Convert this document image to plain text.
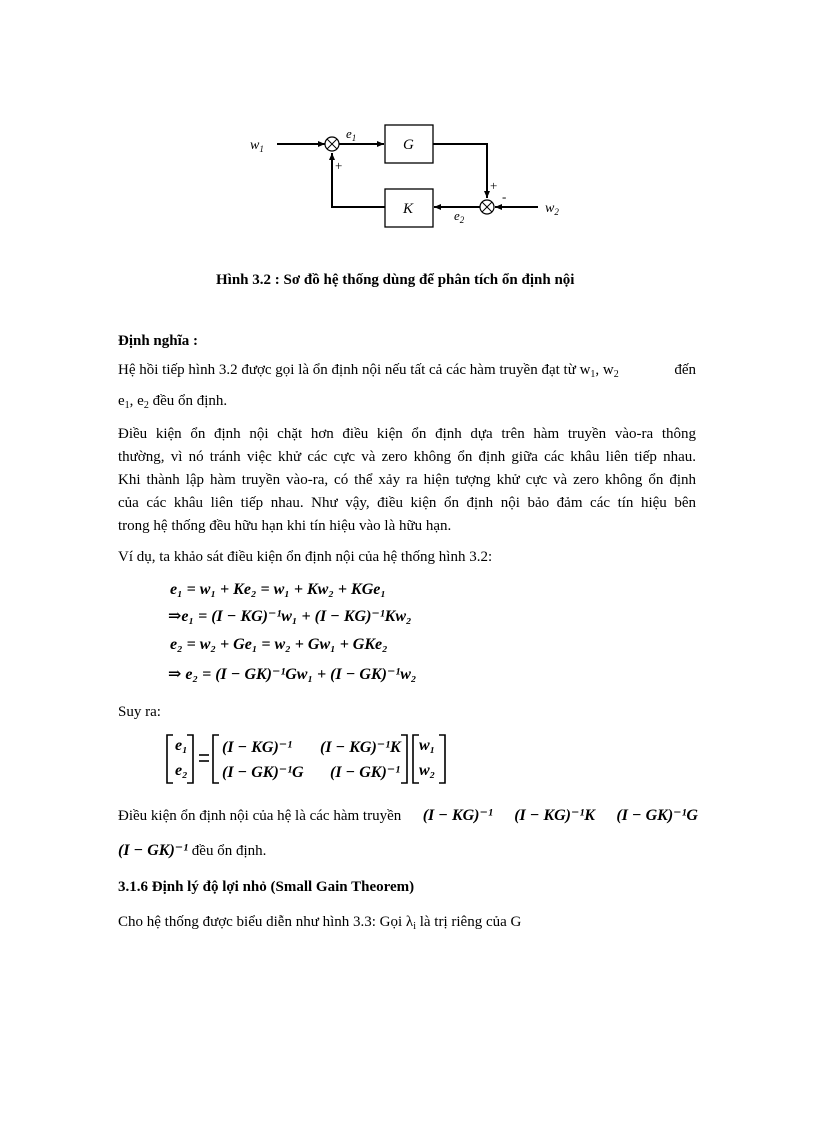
$w_1$
$e_1$	G
+
-
$w_2$
$e_2$
K
+
Hình 3.2 : Sơ đồ hệ thống dùng để phân tích ổn định nội
Định nghĩa :
Hệ hồi tiếp hình 3.2 được gọi là ổn định nội nếu tất cả các hàm truyền đạt từ $w_1$, $w_2$	đến
$e_1$, $e_2$ đều ổn định.
Điều kiện ổn định nội chặt hơn điều kiện ổn định dựa trên hàm truyền vào-ra thông
thường, vì nó tránh việc khử các cực và zero không ổn định giữa các khâu liên tiếp nhau.
Khi thành lập hàm truyền vào-ra, có thể xảy ra hiện tượng khử cực và zero không ổn định
của các khâu liên tiếp nhau. Như vậy, điều kiện ổn định nội bảo đảm các tín hiệu bên
trong hệ thống đều hữu hạn khi tín hiệu vào là hữu hạn.
Ví dụ, ta khảo sát điều kiện ổn định nội của hệ thống hình 3.2:
e₁ = w₁ + Ke₂ = w₁ + Kw₂ + KGe₁
⇒e₁ = (I − KG)⁻¹w₁ + (I − KG)⁻¹Kw₂
e₂ = w₂ + Ge₁ = w₂ + Gw₁ + GKe₂
⇒ e₂ = (I − GK)⁻¹Gw₁ + (I − GK)⁻¹w₂
Suy ra:
e₁
e₂
(I − KG)⁻¹ (I − KG)⁻¹K
(I − GK)⁻¹G (I − GK)⁻¹
w₁
w₂
Điều kiện ổn định nội của hệ là các hàm truyền (I − KG)⁻¹ (I − KG)⁻¹K (I − GK)⁻¹G
(I − GK)⁻¹ đều ổn định.
3.1.6 Định lý độ lợi nhỏ (Small Gain Theorem)
Cho hệ thống được biểu diễn như hình 3.3: Gọi $\lambda_i$ là trị riêng của G
